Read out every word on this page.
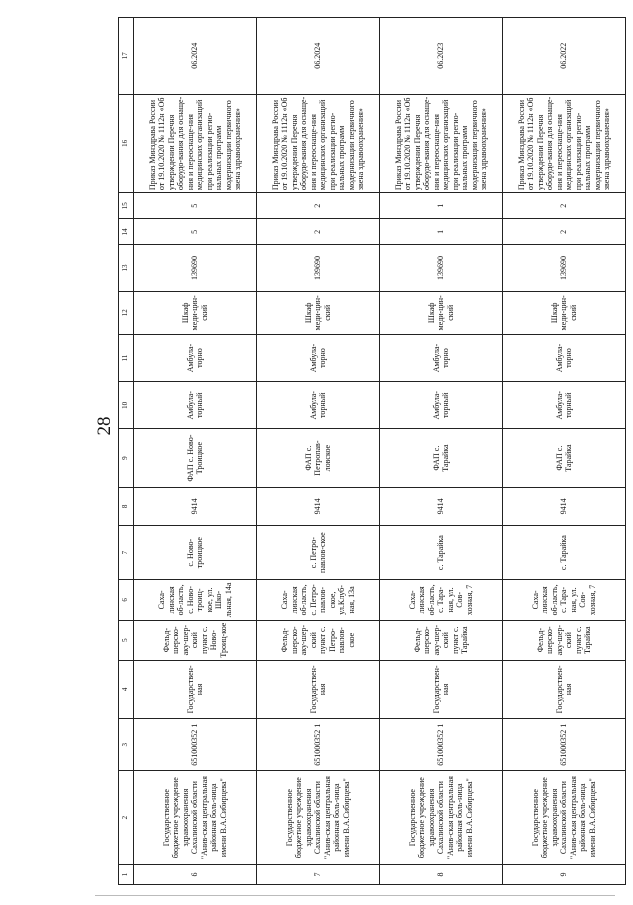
28
1	2	3	4	5	6	7	8	9	10	11	12	13	14	15	16	17
6	Государственное бюджетное учреждение здравоохранения Сахалинской области "Анив-ская центральная районная боль-ница имени В.А.Сибирцева"	651000352 1	Государствен-ная	Фельд-шерско-аку-шер-ский пункт с. Ново-Троиц-кое	Саха-линская об-ласть, с. Ново-троиц-кое, ул. Шко-льная, 14а	с. Ново-троицкое	9414	ФАП с. Ново-Троицкое	Амбула-торный	Амбула-торно	Шкаф меди-цин-ский	139690	5	5	Приказ Минздрава России от 19.10.2020 № 1112н «Об утверждении Перечня оборудо-вания для оснаще-ния и переоснаще-ния медицинских организаций при реализации регио-нальных программ модернизации первичного звена здравоохранения»	06.2024
7	Государственное бюджетное учреждение здравоохранения Сахалинской области "Анив-ская центральная районная боль-ница имени В.А.Сибирцева"	651000352 1	Государствен-ная	Фельд-шерско-аку-шер-ский пункт с. Петро-павлов-ское	Саха-линская об-ласть, с. Петро-павлов-ское, ул.Клуб-ная, 13а	с. Петро-павлов-ское	9414	ФАП с. Петропав-ловское	Амбула-торный	Амбула-торно	Шкаф меди-цин-ский	139690	2	2	Приказ Минздрава России от 19.10.2020 № 1112н «Об утверждении Перечня оборудо-вания для оснаще-ния и переоснаще-ния медицинских организаций при реализации регио-нальных программ модернизации первичного звена здравоохранения»	06.2024
8	Государственное бюджетное учреждение здравоохранения Сахалинской области "Анив-ская центральная районная боль-ница имени В.А.Сибирцева"	651000352 1	Государствен-ная	Фельд-шерско-аку-шер-ский пункт с. Тарайка	Саха-линская об-ласть, с. Тара-ная, ул. Сов-хозная, 7	с. Тарайка	9414	ФАП с. Тарайка	Амбула-торный	Амбула-торно	Шкаф меди-цин-ский	139690	1	1	Приказ Минздрава России от 19.10.2020 № 1112н «Об утверждении Перечня оборудо-вания для оснаще-ния и переоснаще-ния медицинских организаций при реализации регио-нальных программ модернизации первичного звена здравоохранения»	06.2023
9	Государственное бюджетное учреждение здравоохранения Сахалинской области "Анив-ская центральная районная боль-ница имени В.А.Сибирцева"	651000352 1	Государствен-ная	Фельд-шерско-аку-шер-ский пункт с. Тарайка	Саха-линская об-ласть, с. Тара-ная, ул. Сов-хозная, 7	с. Тарайка	9414	ФАП с. Тарайка	Амбула-торный	Амбула-торно	Шкаф меди-цин-ский	139690	2	2	Приказ Минздрава России от 19.10.2020 № 1112н «Об утверждении Перечня оборудо-вания для оснаще-ния и переоснаще-ния медицинских организаций при реализации регио-нальных программ модернизации первичного звена здравоохранения»	06.2022
